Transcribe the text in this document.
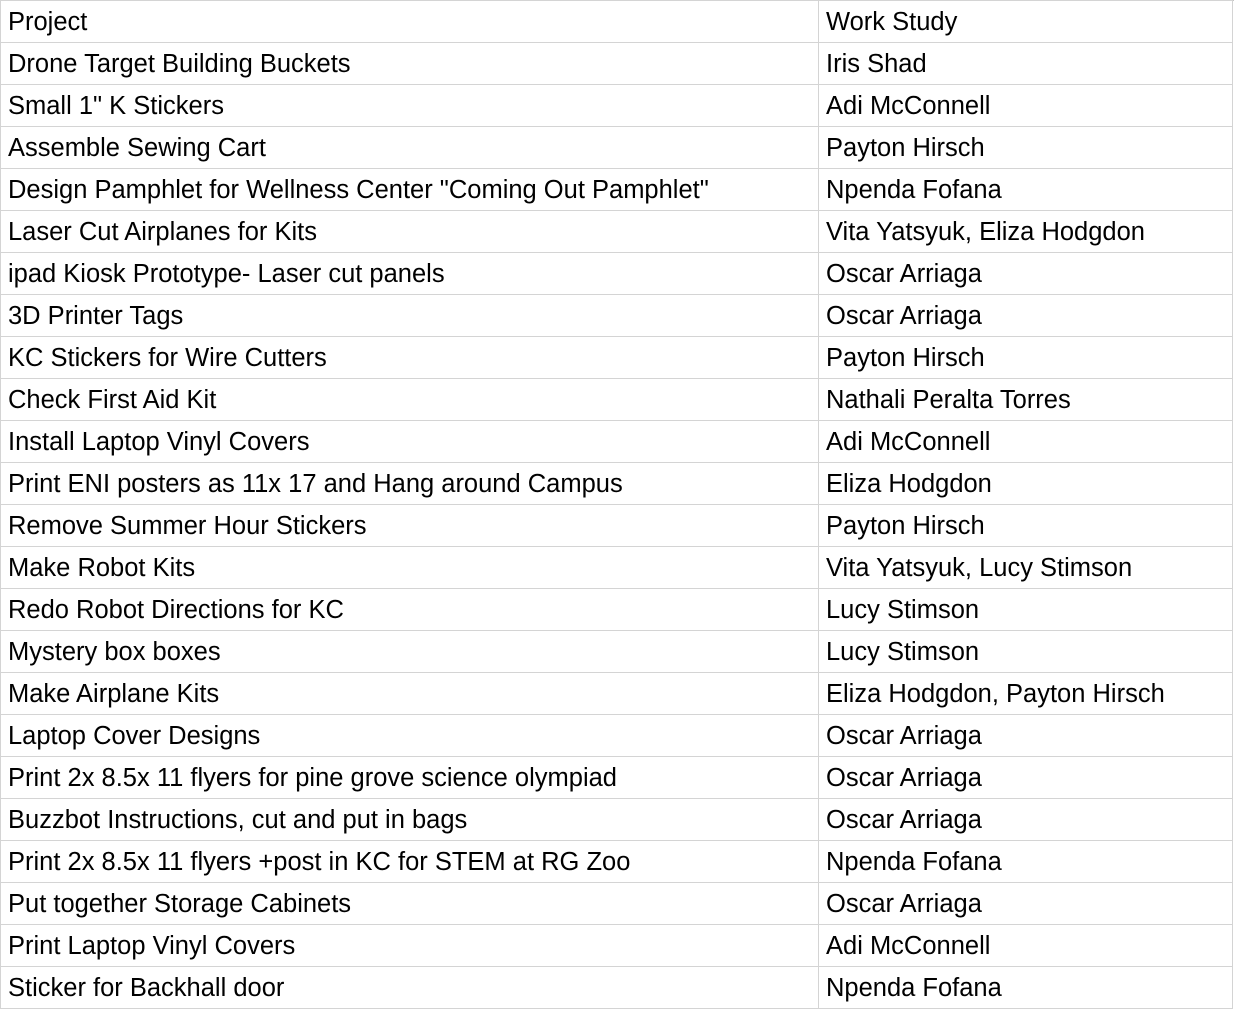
Project	Work Study
Drone Target Building Buckets	Iris Shad
Small 1" K Stickers	Adi McConnell
Assemble Sewing Cart	Payton Hirsch
Design Pamphlet for Wellness Center "Coming Out Pamphlet"	Npenda Fofana
Laser Cut Airplanes for Kits	Vita Yatsyuk, Eliza Hodgdon
ipad Kiosk Prototype- Laser cut panels	Oscar Arriaga
3D Printer Tags	Oscar Arriaga
KC Stickers for Wire Cutters	Payton Hirsch
Check First Aid Kit	Nathali Peralta Torres
Install Laptop Vinyl Covers	Adi McConnell
Print ENI posters as 11x 17 and Hang around Campus	Eliza Hodgdon
Remove Summer Hour Stickers	Payton Hirsch
Make Robot Kits	Vita Yatsyuk, Lucy Stimson
Redo Robot Directions for KC	Lucy Stimson
Mystery box boxes	Lucy Stimson
Make Airplane Kits	Eliza Hodgdon, Payton Hirsch
Laptop Cover Designs	Oscar Arriaga
Print 2x 8.5x 11 flyers for pine grove science olympiad	Oscar Arriaga
Buzzbot Instructions, cut and put in bags	Oscar Arriaga
Print 2x 8.5x 11 flyers +post in KC for STEM at RG Zoo	Npenda Fofana
Put together Storage Cabinets	Oscar Arriaga
Print Laptop Vinyl Covers	Adi McConnell
Sticker for Backhall door	Npenda Fofana
